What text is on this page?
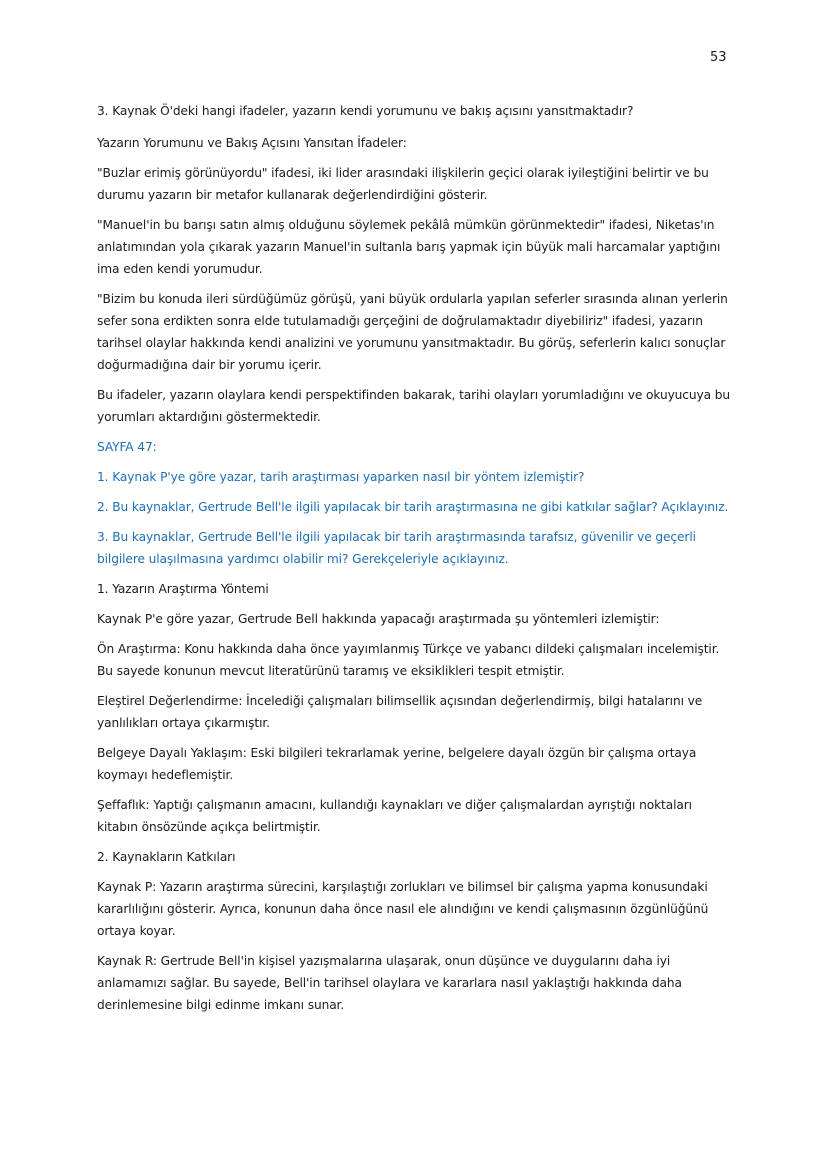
53

3. Kaynak Ö'deki hangi ifadeler, yazarın kendi yorumunu ve bakış açısını yansıtmaktadır?

Yazarın Yorumunu ve Bakış Açısını Yansıtan İfadeler:

"Buzlar erimiş görünüyordu" ifadesi, iki lider arasındaki ilişkilerin geçici olarak iyileştiğini belirtir ve bu durumu yazarın bir metafor kullanarak değerlendirdiğini gösterir.

"Manuel'in bu barışı satın almış olduğunu söylemek pekâlâ mümkün görünmektedir" ifadesi, Niketas'ın anlatımından yola çıkarak yazarın Manuel'in sultanla barış yapmak için büyük mali harcamalar yaptığını ima eden kendi yorumudur.

"Bizim bu konuda ileri sürdüğümüz görüşü, yani büyük ordularla yapılan seferler sırasında alınan yerlerin sefer sona erdikten sonra elde tutulamadığı gerçeğini de doğrulamaktadır diyebiliriz" ifadesi, yazarın tarihsel olaylar hakkında kendi analizini ve yorumunu yansıtmaktadır. Bu görüş, seferlerin kalıcı sonuçlar doğurmadığına dair bir yorumu içerir.

Bu ifadeler, yazarın olaylara kendi perspektifinden bakarak, tarihi olayları yorumladığını ve okuyucuya bu yorumları aktardığını göstermektedir.

SAYFA 47:

1. Kaynak P'ye göre yazar, tarih araştırması yaparken nasıl bir yöntem izlemiştir?

2. Bu kaynaklar, Gertrude Bell'le ilgili yapılacak bir tarih araştırmasına ne gibi katkılar sağlar? Açıklayınız.

3. Bu kaynaklar, Gertrude Bell'le ilgili yapılacak bir tarih araştırmasında tarafsız, güvenilir ve geçerli bilgilere ulaşılmasına yardımcı olabilir mi? Gerekçeleriyle açıklayınız.

1. Yazarın Araştırma Yöntemi

Kaynak P'e göre yazar, Gertrude Bell hakkında yapacağı araştırmada şu yöntemleri izlemiştir:

Ön Araştırma: Konu hakkında daha önce yayımlanmış Türkçe ve yabancı dildeki çalışmaları incelemiştir. Bu sayede konunun mevcut literatürünü taramış ve eksiklikleri tespit etmiştir.

Eleştirel Değerlendirme: İncelediği çalışmaları bilimsellik açısından değerlendirmiş, bilgi hatalarını ve yanlılıkları ortaya çıkarmıştır.

Belgeye Dayalı Yaklaşım: Eski bilgileri tekrarlamak yerine, belgelere dayalı özgün bir çalışma ortaya koymayı hedeflemiştir.

Şeffaflık: Yaptığı çalışmanın amacını, kullandığı kaynakları ve diğer çalışmalardan ayrıştığı noktaları kitabın önsözünde açıkça belirtmiştir.

2. Kaynakların Katkıları

Kaynak P: Yazarın araştırma sürecini, karşılaştığı zorlukları ve bilimsel bir çalışma yapma konusundaki kararlılığını gösterir. Ayrıca, konunun daha önce nasıl ele alındığını ve kendi çalışmasının özgünlüğünü ortaya koyar.

Kaynak R: Gertrude Bell'in kişisel yazışmalarına ulaşarak, onun düşünce ve duygularını daha iyi anlamamızı sağlar. Bu sayede, Bell'in tarihsel olaylara ve kararlara nasıl yaklaştığı hakkında daha derinlemesine bilgi edinme imkanı sunar.
